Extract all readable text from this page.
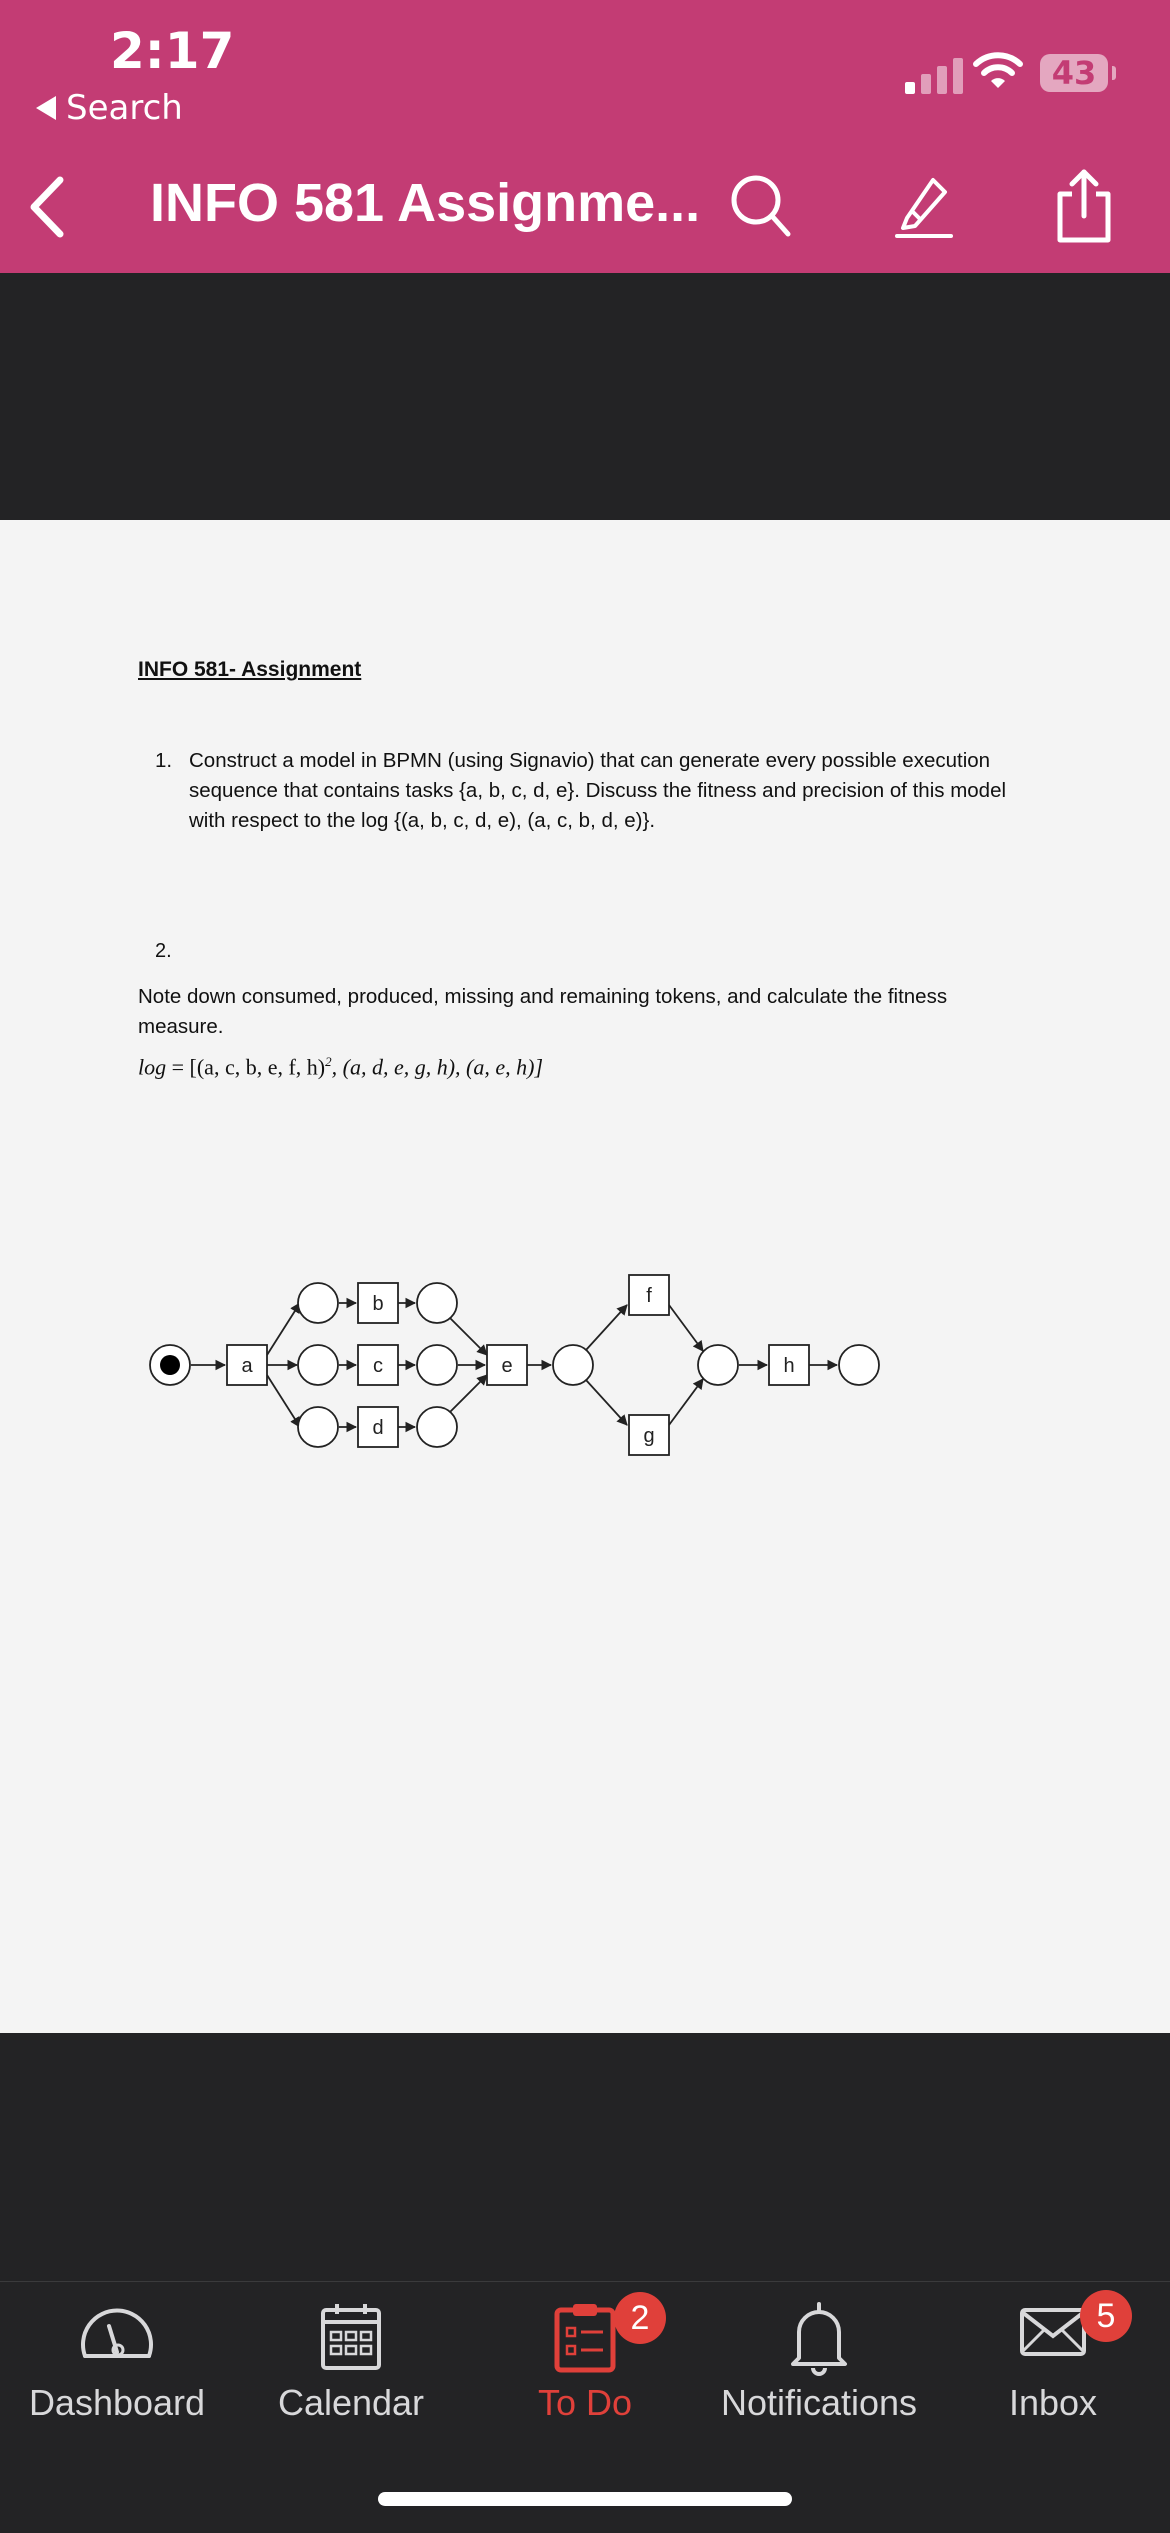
2:17
Search
43
INFO 581 Assignme...
INFO 581- Assignment
1. Construct a model in BPMN (using Signavio) that can generate every possible execution sequence that contains tasks {a, b, c, d, e}. Discuss the fitness and precision of this model with respect to the log {(a, b, c, d, e), (a, c, b, d, e)}.
2.
Note down consumed, produced, missing and remaining tokens, and calculate the fitness measure.
log = [(a, c, b, e, f, h)$^2$, (a, d, e, g, h), (a, e, h)]
a
b
c
d
e
f
g
h
Dashboard	Calendar
2
To Do	Notifications
5
Inbox
